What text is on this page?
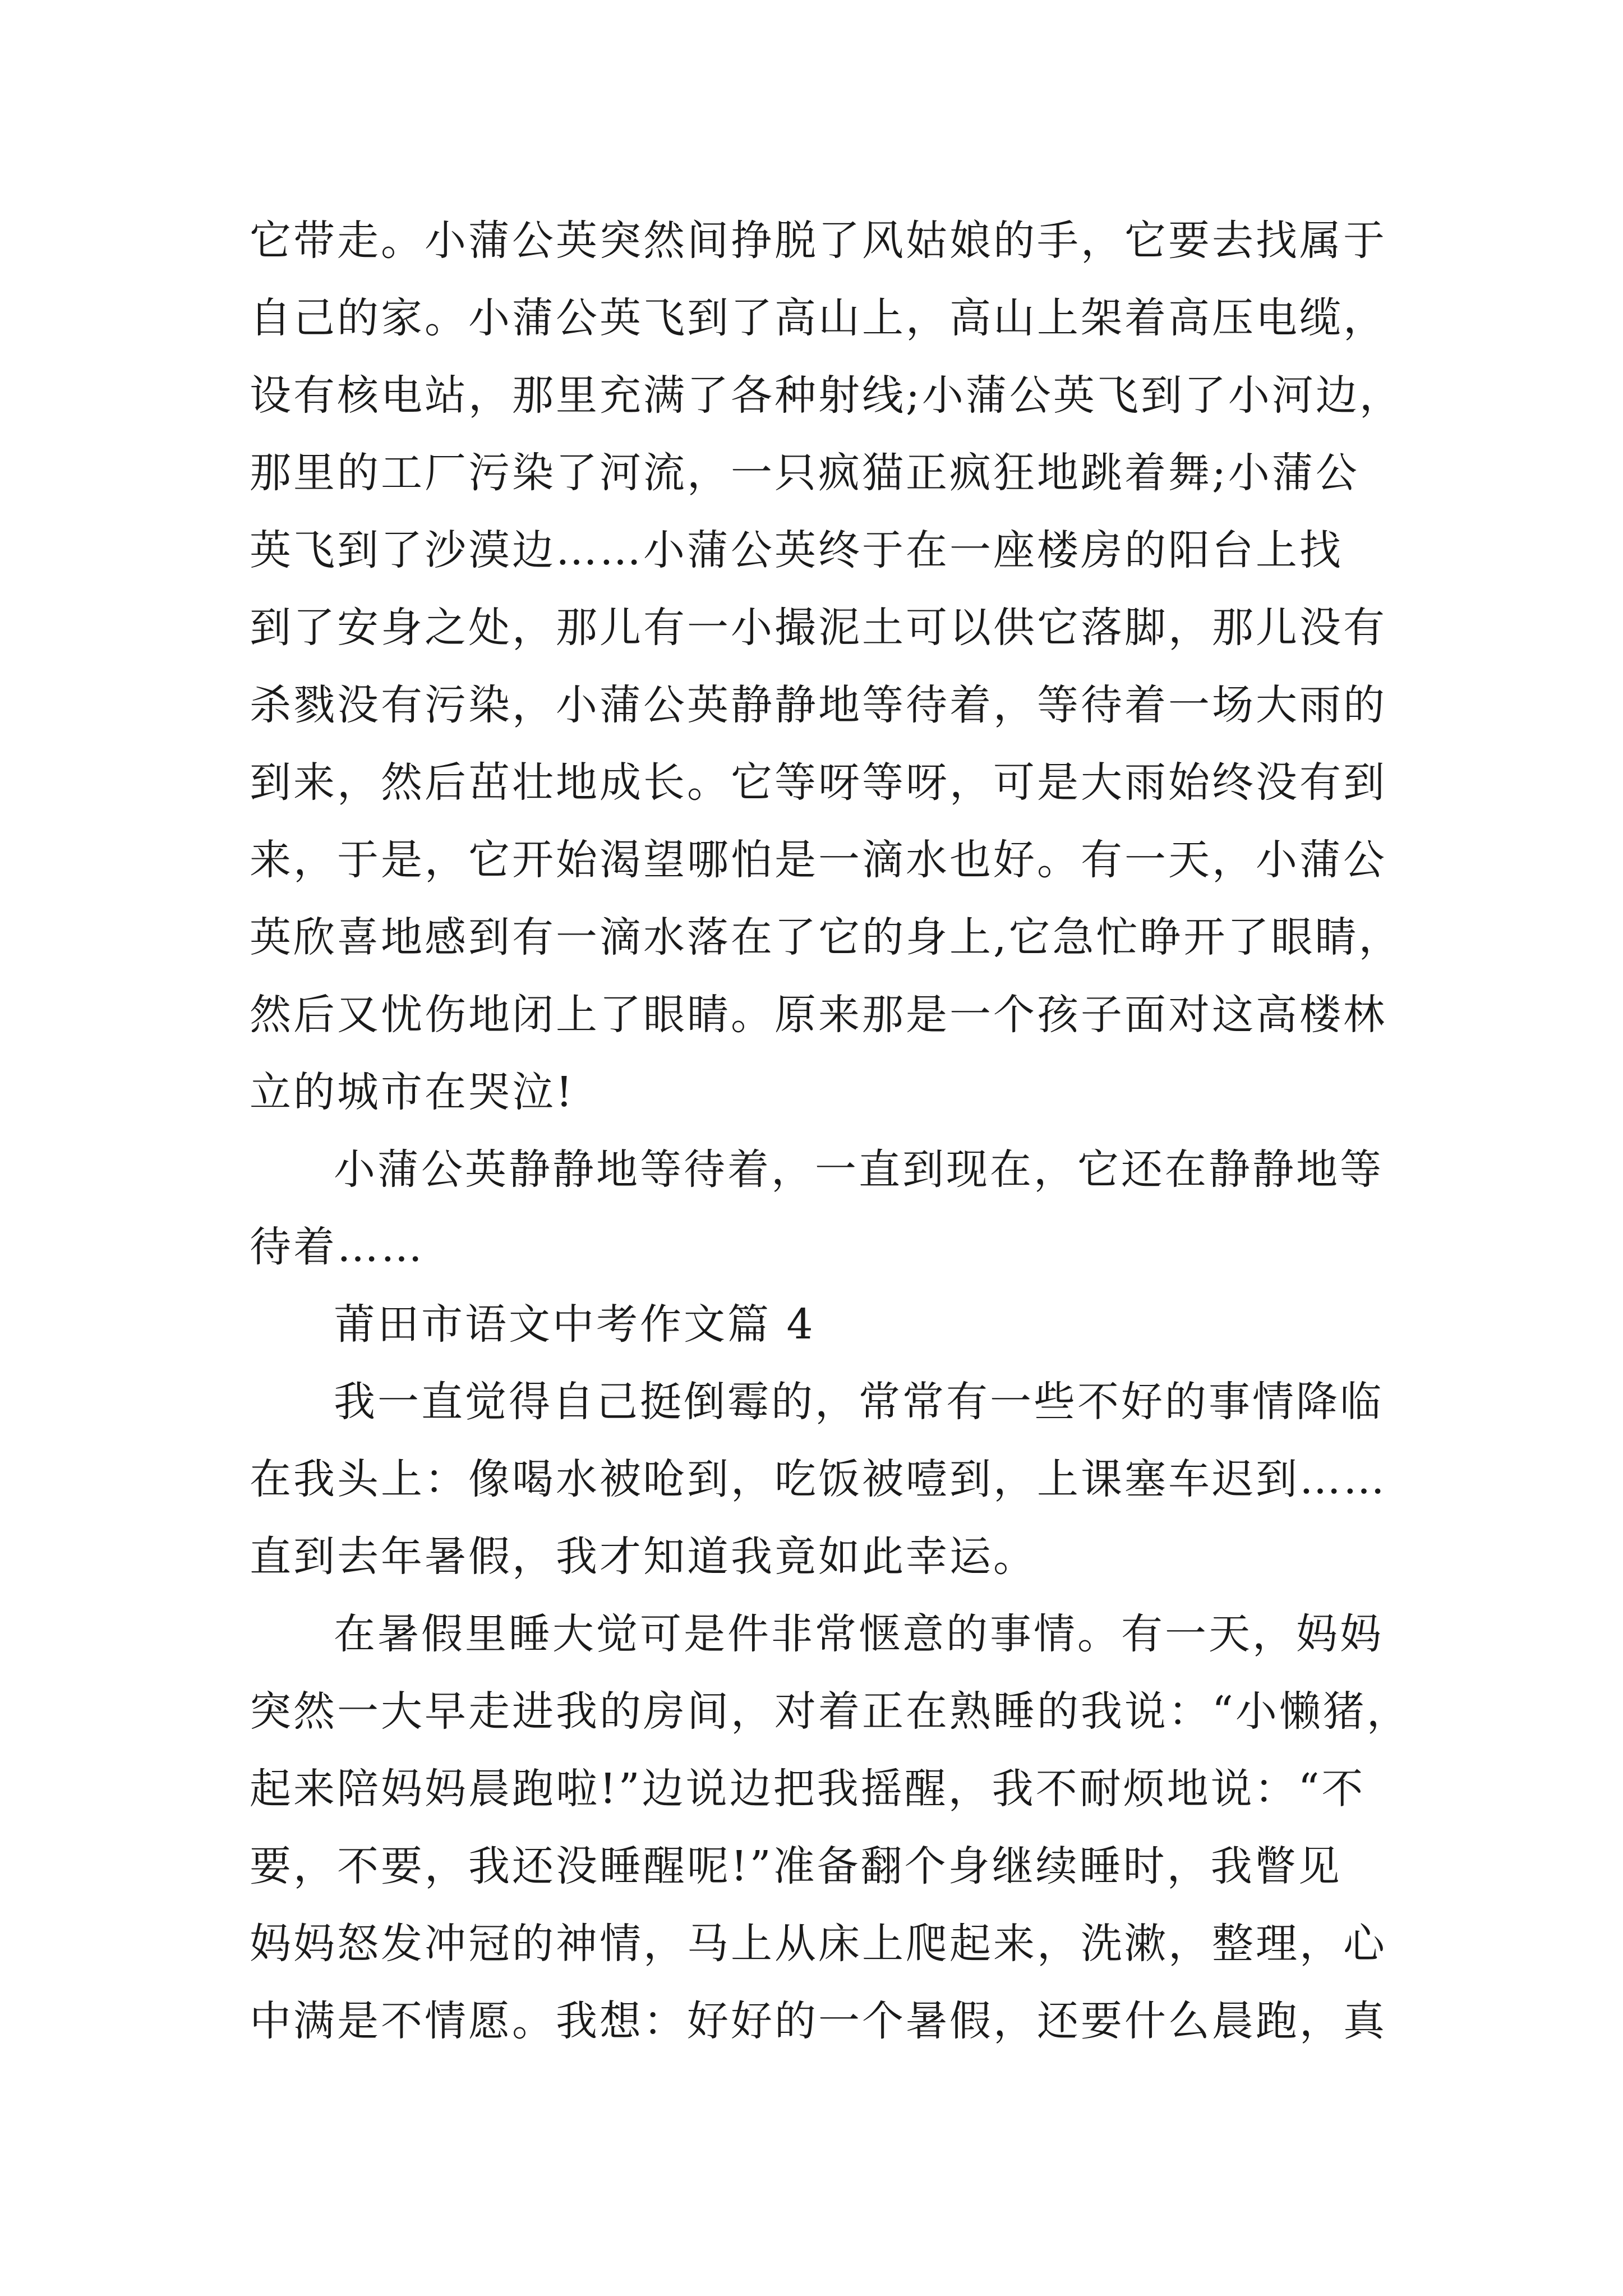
它带走。小蒲公英突然间挣脱了风姑娘的手，它要去找属于
自己的家。小蒲公英飞到了高山上，高山上架着高压电缆，
设有核电站，那里充满了各种射线;小蒲公英飞到了小河边，
那里的工厂污染了河流，一只疯猫正疯狂地跳着舞;小蒲公
英飞到了沙漠边……小蒲公英终于在一座楼房的阳台上找
到了安身之处，那儿有一小撮泥土可以供它落脚，那儿没有
杀戮没有污染，小蒲公英静静地等待着，等待着一场大雨的
到来，然后茁壮地成长。它等呀等呀，可是大雨始终没有到
来，于是，它开始渴望哪怕是一滴水也好。有一天，小蒲公
英欣喜地感到有一滴水落在了它的身上,它急忙睁开了眼睛，
然后又忧伤地闭上了眼睛。原来那是一个孩子面对这高楼林
立的城市在哭泣!
小蒲公英静静地等待着，一直到现在，它还在静静地等
待着……
莆田市语文中考作文篇 4
我一直觉得自己挺倒霉的，常常有一些不好的事情降临
在我头上：像喝水被呛到，吃饭被噎到，上课塞车迟到……
直到去年暑假，我才知道我竟如此幸运。
在暑假里睡大觉可是件非常惬意的事情。有一天，妈妈
突然一大早走进我的房间，对着正在熟睡的我说：“小懒猪，
起来陪妈妈晨跑啦!”边说边把我摇醒，我不耐烦地说：“不
要，不要，我还没睡醒呢!”准备翻个身继续睡时，我瞥见
妈妈怒发冲冠的神情，马上从床上爬起来，洗漱，整理，心
中满是不情愿。我想：好好的一个暑假，还要什么晨跑，真
